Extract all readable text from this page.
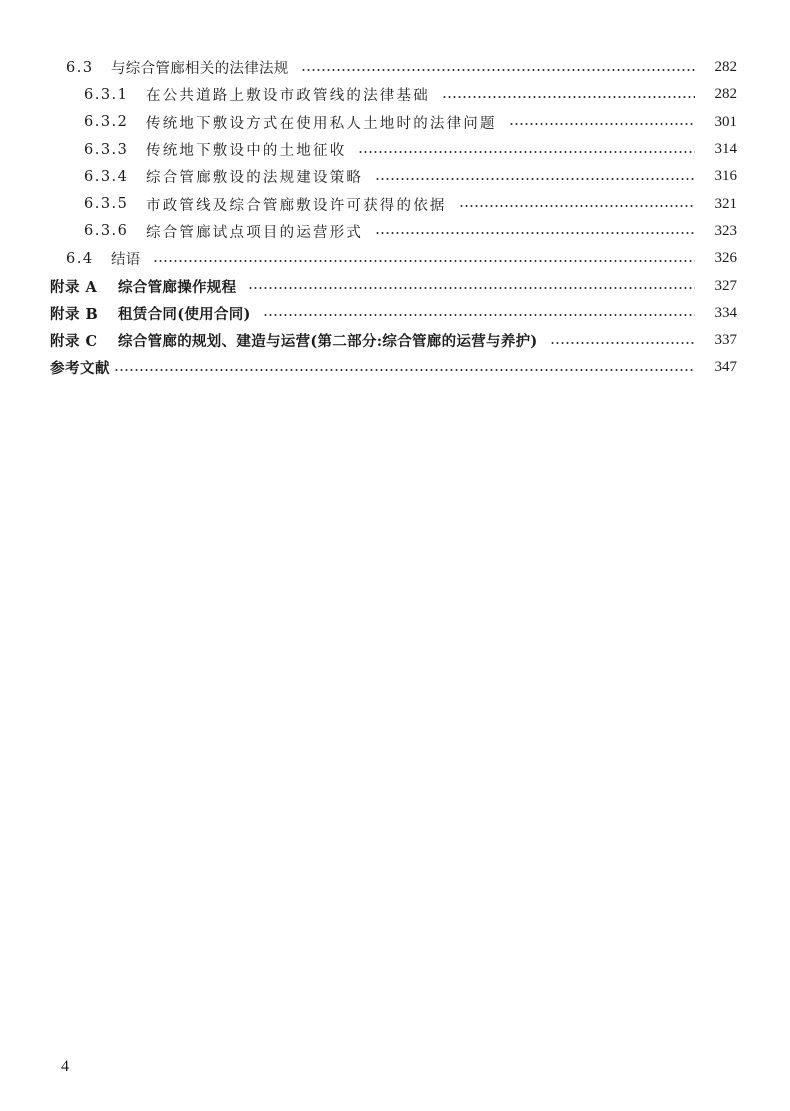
6.3	与综合管廊相关的法律法规	282
6.3.1	在公共道路上敷设市政管线的法律基础	282
6.3.2	传统地下敷设方式在使用私人土地时的法律问题	301
6.3.3	传统地下敷设中的土地征收	314
6.3.4	综合管廊敷设的法规建设策略	316
6.3.5	市政管线及综合管廊敷设许可获得的依据	321
6.3.6	综合管廊试点项目的运营形式	323
6.4	结语	326
附录 A	综合管廊操作规程	327
附录 B	租赁合同(使用合同)	334
附录 C	综合管廊的规划、建造与运营(第二部分:综合管廊的运营与养护)	337
参考文献	347
4
